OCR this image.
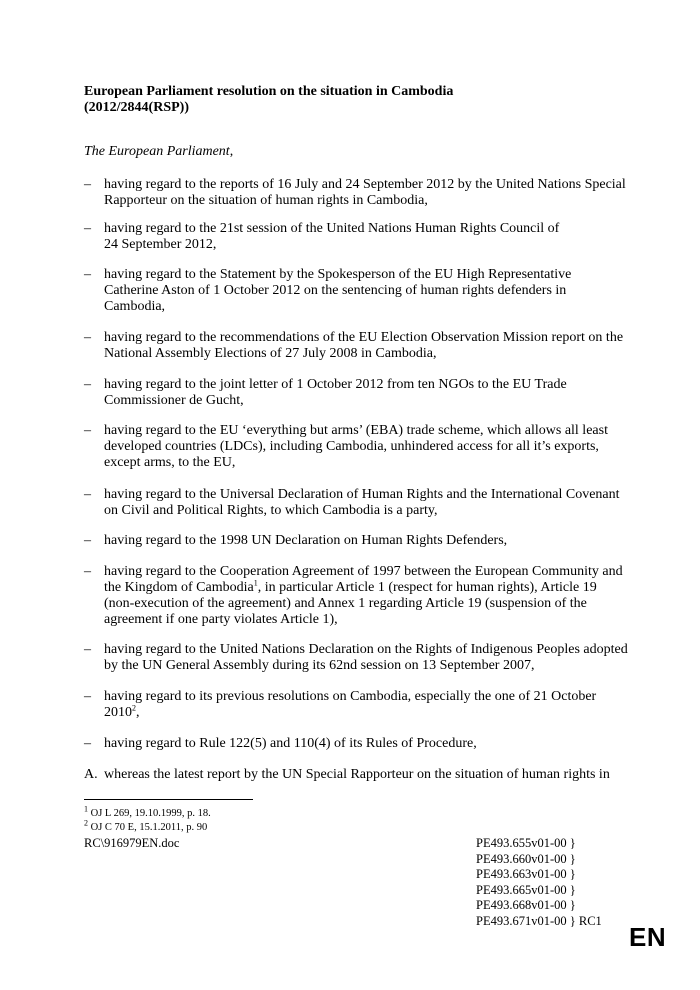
European Parliament resolution on the situation in Cambodia
(2012/2844(RSP))
The European Parliament,
– having regard to the reports of 16 July and 24 September 2012 by the United Nations Special
Rapporteur on the situation of human rights in Cambodia,
– having regard to the 21st session of the United Nations Human Rights Council of
24 September 2012,
– having regard to the Statement by the Spokesperson of the EU High Representative
Catherine Aston of 1 October 2012 on the sentencing of human rights defenders in
Cambodia,
– having regard to the recommendations of the EU Election Observation Mission report on the
National Assembly Elections of 27 July 2008 in Cambodia,
– having regard to the joint letter of 1 October 2012 from ten NGOs to the EU Trade
Commissioner de Gucht,
– having regard to the EU ‘everything but arms’ (EBA) trade scheme, which allows all least
developed countries (LDCs), including Cambodia, unhindered access for all it’s exports,
except arms, to the EU,
– having regard to the Universal Declaration of Human Rights and the International Covenant
on Civil and Political Rights, to which Cambodia is a party,
– having regard to the 1998 UN Declaration on Human Rights Defenders,
– having regard to the Cooperation Agreement of 1997 between the European Community and
the Kingdom of Cambodia$^1$, in particular Article 1 (respect for human rights), Article 19
(non-execution of the agreement) and Annex 1 regarding Article 19 (suspension of the
agreement if one party violates Article 1),
– having regard to the United Nations Declaration on the Rights of Indigenous Peoples adopted
by the UN General Assembly during its 62nd session on 13 September 2007,
– having regard to its previous resolutions on Cambodia, especially the one of 21 October
2010$^2$,
– having regard to Rule 122(5) and 110(4) of its Rules of Procedure,
A. whereas the latest report by the UN Special Rapporteur on the situation of human rights in
$^1$ OJ L 269, 19.10.1999, p. 18.
$^2$ OJ C 70 E, 15.1.2011, p. 90
RC\916979EN.doc	PE493.655v01-00 }
PE493.660v01-00 }
PE493.663v01-00 }
PE493.665v01-00 }
PE493.668v01-00 }
PE493.671v01-00 } RC1
EN
